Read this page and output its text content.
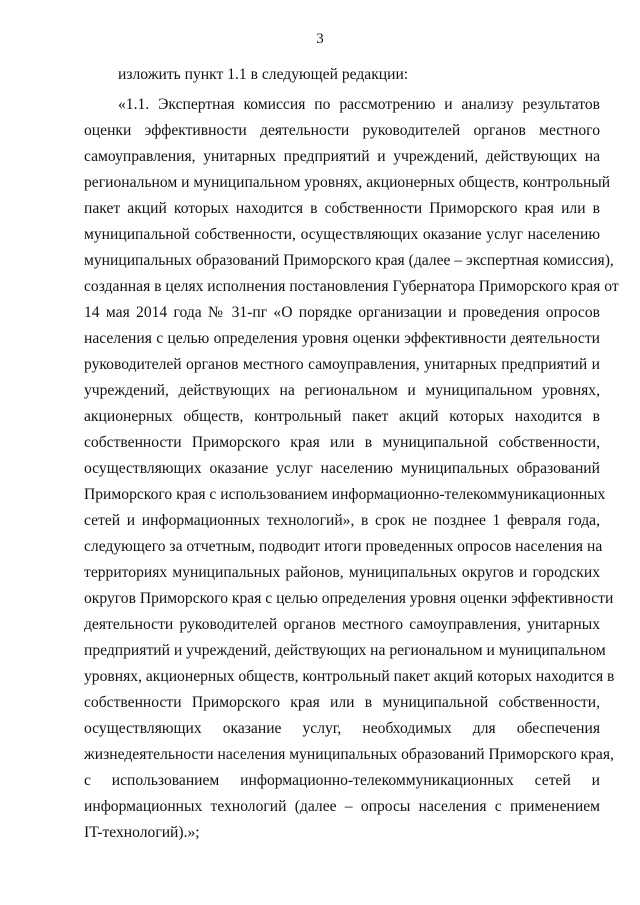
3
изложить пункт 1.1 в следующей редакции:
«1.1. Экспертная комиссия по рассмотрению и анализу результатов
оценки эффективности деятельности руководителей органов местного
самоуправления, унитарных предприятий и учреждений, действующих на
региональном и муниципальном уровнях, акционерных обществ, контрольный
пакет акций которых находится в собственности Приморского края или в
муниципальной собственности, осуществляющих оказание услуг населению
муниципальных образований Приморского края (далее – экспертная комиссия),
созданная в целях исполнения постановления Губернатора Приморского края от
14 мая 2014 года № 31-пг «О порядке организации и проведения опросов
населения с целью определения уровня оценки эффективности деятельности
руководителей органов местного самоуправления, унитарных предприятий и
учреждений, действующих на региональном и муниципальном уровнях,
акционерных обществ, контрольный пакет акций которых находится в
собственности Приморского края или в муниципальной собственности,
осуществляющих оказание услуг населению муниципальных образований
Приморского края с использованием информационно-телекоммуникационных
сетей и информационных технологий», в срок не позднее 1 февраля года,
следующего за отчетным, подводит итоги проведенных опросов населения на
территориях муниципальных районов, муниципальных округов и городских
округов Приморского края с целью определения уровня оценки эффективности
деятельности руководителей органов местного самоуправления, унитарных
предприятий и учреждений, действующих на региональном и муниципальном
уровнях, акционерных обществ, контрольный пакет акций которых находится в
собственности Приморского края или в муниципальной собственности,
осуществляющих оказание услуг, необходимых для обеспечения
жизнедеятельности населения муниципальных образований Приморского края,
с использованием информационно-телекоммуникационных сетей и
информационных технологий (далее – опросы населения с применением
IT-технологий).»;
